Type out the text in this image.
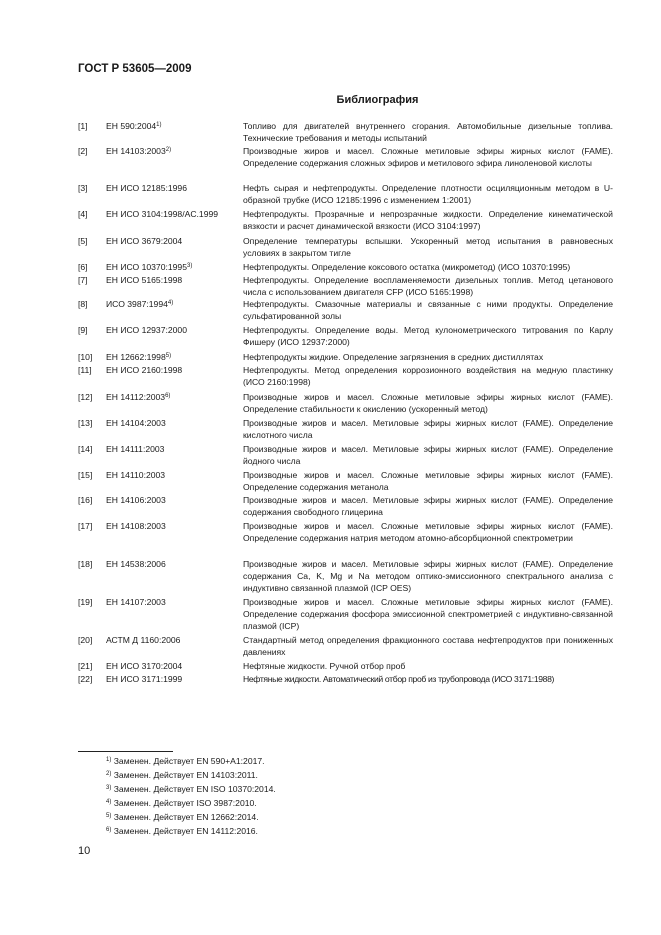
ГОСТ Р 53605—2009
Библиография
[1] ЕН 590:2004$^{1)}$	Топливо для двигателей внутреннего сгорания. Автомобильные дизельные топлива. Технические требования и методы испытаний
[2] ЕН 14103:2003$^{2)}$	Производные жиров и масел. Сложные метиловые эфиры жирных кислот (FAME). Определение содержания сложных эфиров и метилового эфира линоленовой кислоты
[3] ЕН ИСО 12185:1996	Нефть сырая и нефтепродукты. Определение плотности осциляционным методом в U-образной трубке (ИСО 12185:1996 с изменением 1:2001)
[4] ЕН ИСО 3104:1998/AC.1999	Нефтепродукты. Прозрачные и непрозрачные жидкости. Определение кинематической вязкости и расчет динамической вязкости (ИСО 3104:1997)
[5] ЕН ИСО 3679:2004	Определение температуры вспышки. Ускоренный метод испытания в равновесных условиях в закрытом тигле
[6] ЕН ИСО 10370:1995$^{3)}$	Нефтепродукты. Определение коксового остатка (микрометод) (ИСО 10370:1995)
[7] ЕН ИСО 5165:1998	Нефтепродукты. Определение воспламеняемости дизельных топлив. Метод цетанового числа с использованием двигателя CFP (ИСО 5165:1998)
[8] ИСО 3987:1994$^{4)}$	Нефтепродукты. Смазочные материалы и связанные с ними продукты. Определение сульфатированной золы
[9] ЕН ИСО 12937:2000	Нефтепродукты. Определение воды. Метод кулонометрического титрования по Карлу Фишеру (ИСО 12937:2000)
[10] ЕН 12662:1998$^{5)}$	Нефтепродукты жидкие. Определение загрязнения в средних дистиллятах
[11] ЕН ИСО 2160:1998	Нефтепродукты. Метод определения коррозионного воздействия на медную пластинку (ИСО 2160:1998)
[12] ЕН 14112:2003$^{6)}$	Производные жиров и масел. Сложные метиловые эфиры жирных кислот (FAME). Определение стабильности к окислению (ускоренный метод)
[13] ЕН 14104:2003	Производные жиров и масел. Метиловые эфиры жирных кислот (FAME). Определение кислотного числа
[14] ЕН 14111:2003	Производные жиров и масел. Метиловые эфиры жирных кислот (FAME). Определение йодного числа
[15] ЕН 14110:2003	Производные жиров и масел. Сложные метиловые эфиры жирных кислот (FAME). Определение содержания метанола
[16] ЕН 14106:2003	Производные жиров и масел. Метиловые эфиры жирных кислот (FAME). Определение содержания свободного глицерина
[17] ЕН 14108:2003	Производные жиров и масел. Сложные метиловые эфиры жирных кислот (FAME). Определение содержания натрия методом атомно-абсорбционной спектрометрии
[18] ЕН 14538:2006	Производные жиров и масел. Метиловые эфиры жирных кислот (FAME). Определение содержания Ca, K, Mg и Na методом оптико-эмиссионного спектрального анализа с индуктивно связанной плазмой (ICP OES)
[19] ЕН 14107:2003	Производные жиров и масел. Сложные метиловые эфиры жирных кислот (FAME). Определение содержания фосфора эмиссионной спектрометрией с индуктивно-связанной плазмой (ICP)
[20] АСТМ Д 1160:2006	Стандартный метод определения фракционного состава нефтепродуктов при пониженных давлениях
[21] ЕН ИСО 3170:2004	Нефтяные жидкости. Ручной отбор проб
[22] ЕН ИСО 3171:1999	Нефтяные жидкости. Автоматический отбор проб из трубопровода (ИСО 3171:1988)
$^{1)}$ Заменен. Действует EN 590+A1:2017.
$^{2)}$ Заменен. Действует EN 14103:2011.
$^{3)}$ Заменен. Действует EN ISO 10370:2014.
$^{4)}$ Заменен. Действует ISO 3987:2010.
$^{5)}$ Заменен. Действует EN 12662:2014.
$^{6)}$ Заменен. Действует EN 14112:2016.
10
